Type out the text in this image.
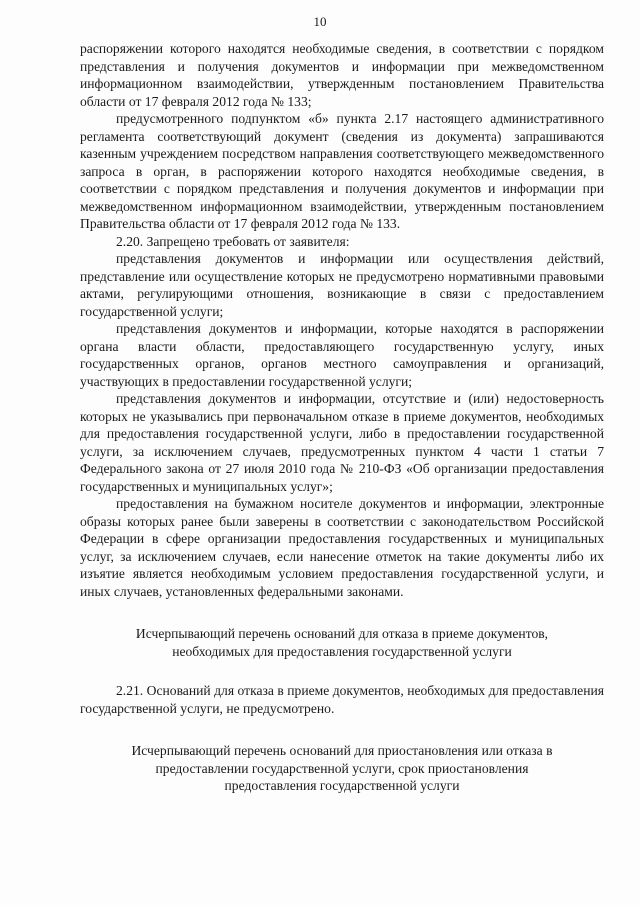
10

распоряжении которого находятся необходимые сведения, в соответствии с порядком представления и получения документов и информации при межведомственном информационном взаимодействии, утвержденным постановлением Правительства области от 17 февраля 2012 года № 133;

предусмотренного подпунктом «б» пункта 2.17 настоящего административного регламента соответствующий документ (сведения из документа) запрашиваются казенным учреждением посредством направления соответствующего межведомственного запроса в орган, в распоряжении которого находятся необходимые сведения, в соответствии с порядком представления и получения документов и информации при межведомственном информационном взаимодействии, утвержденным постановлением Правительства области от 17 февраля 2012 года № 133.

2.20. Запрещено требовать от заявителя:

представления документов и информации или осуществления действий, представление или осуществление которых не предусмотрено нормативными правовыми актами, регулирующими отношения, возникающие в связи с предоставлением государственной услуги;

представления документов и информации, которые находятся в распоряжении органа власти области, предоставляющего государственную услугу, иных государственных органов, органов местного самоуправления и организаций, участвующих в предоставлении государственной услуги;

представления документов и информации, отсутствие и (или) недостоверность которых не указывались при первоначальном отказе в приеме документов, необходимых для предоставления государственной услуги, либо в предоставлении государственной услуги, за исключением случаев, предусмотренных пунктом 4 части 1 статьи 7 Федерального закона от 27 июля 2010 года № 210-ФЗ «Об организации предоставления государственных и муниципальных услуг»;

предоставления на бумажном носителе документов и информации, электронные образы которых ранее были заверены в соответствии с законодательством Российской Федерации в сфере организации предоставления государственных и муниципальных услуг, за исключением случаев, если нанесение отметок на такие документы либо их изъятие является необходимым условием предоставления государственной услуги, и иных случаев, установленных федеральными законами.

Исчерпывающий перечень оснований для отказа в приеме документов,

необходимых для предоставления государственной услуги

2.21. Оснований для отказа в приеме документов, необходимых для предоставления государственной услуги, не предусмотрено.

Исчерпывающий перечень оснований для приостановления или отказа в

предоставлении государственной услуги, срок приостановления

предоставления государственной услуги
